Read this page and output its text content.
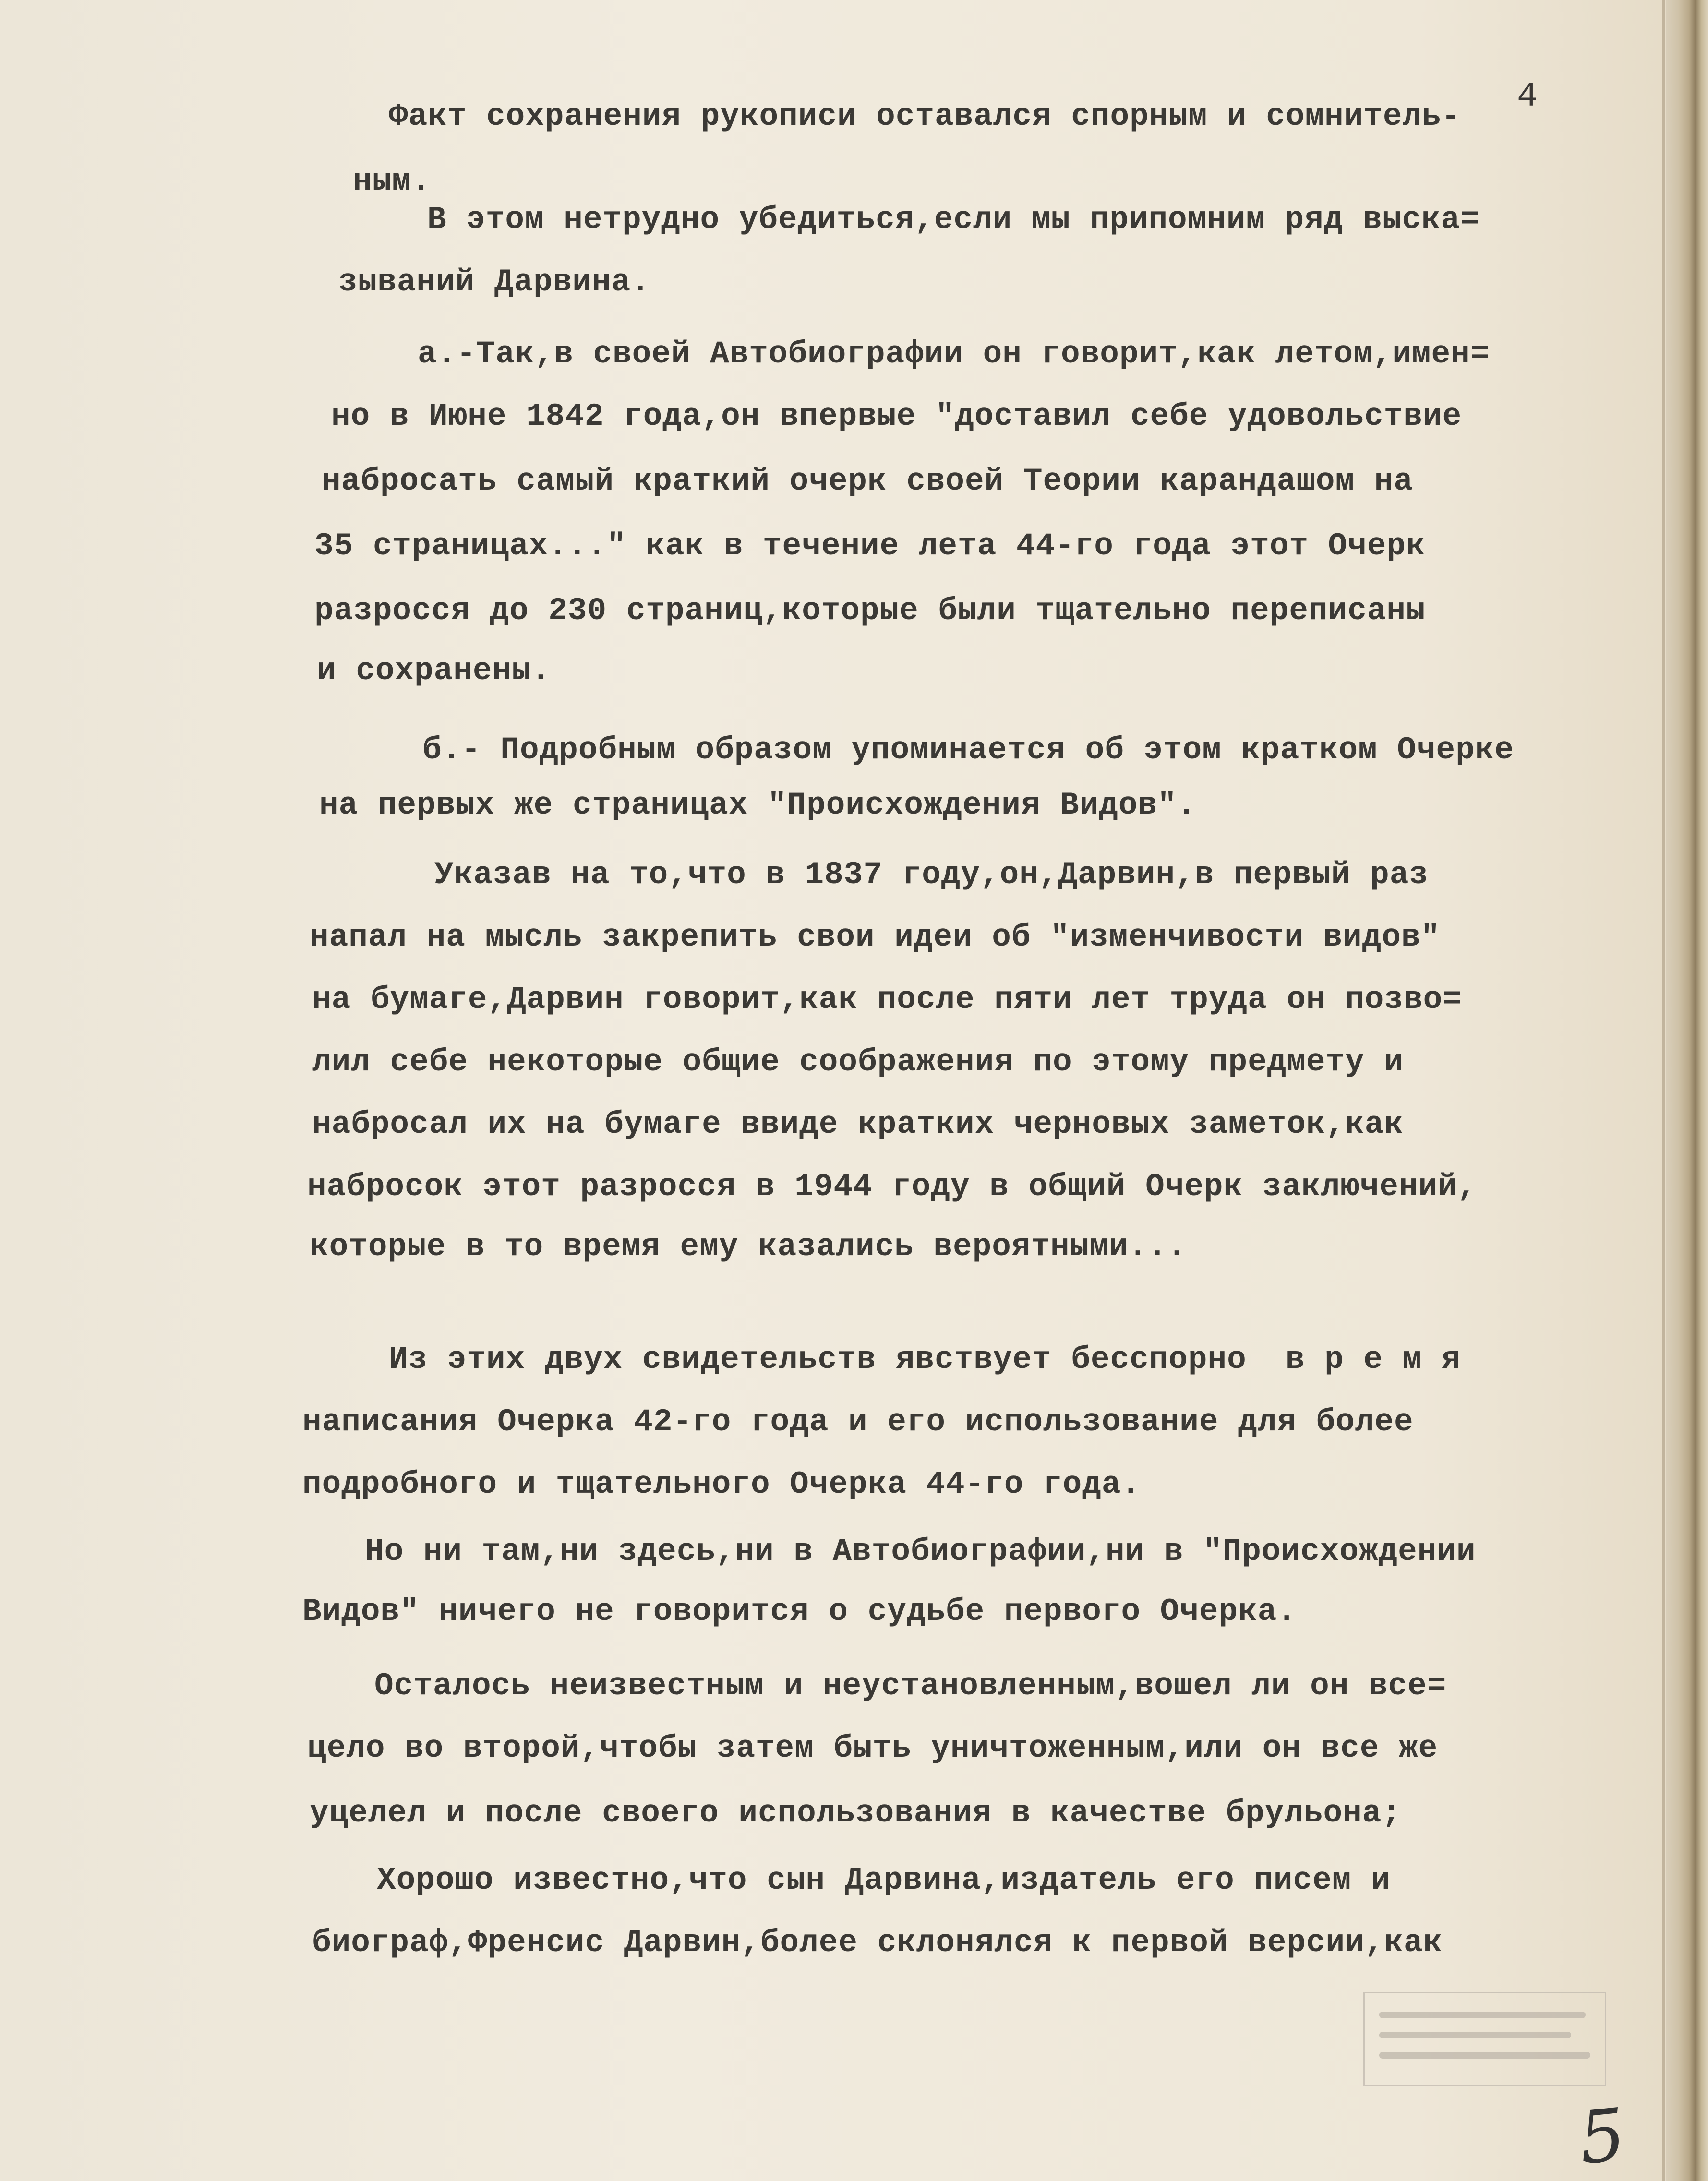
4
Факт сохранения рукописи оставался спорным и сомнитель-
ным.
В этом нетрудно убедиться,если мы припомним ряд выска=
зываний Дарвина.
а.-Так,в своей Автобиографии он говорит,как летом,имен=
но в Июне 1842 года,он впервые "доставил себе удовольствие
набросать самый краткий очерк своей Теории карандашом на
35 страницах..." как в течение лета 44-го года этот Очерк
разросся до 230 страниц,которые были тщательно переписаны
и сохранены.
б.- Подробным образом упоминается об этом кратком Очерке
на первых же страницах "Происхождения Видов".
Указав на то,что в 1837 году,он,Дарвин,в первый раз
напал на мысль закрепить свои идеи об "изменчивости видов"
на бумаге,Дарвин говорит,как после пяти лет труда он позво=
лил себе некоторые общие соображения по этому предмету и
набросал их на бумаге ввиде кратких черновых заметок,как
набросок этот разросся в 1944 году в общий Очерк заключений,
которые в то время ему казались вероятными...
Из этих двух свидетельств явствует бесспорно  в р е м я
написания Очерка 42-го года и его использование для более
подробного и тщательного Очерка 44-го года.
Но ни там,ни здесь,ни в Автобиографии,ни в "Происхождении
Видов" ничего не говорится о судьбе первого Очерка.
Осталось неизвестным и неустановленным,вошел ли он все=
цело во второй,чтобы затем быть уничтоженным,или он все же
уцелел и после своего использования в качестве брульона;
Хорошо известно,что сын Дарвина,издатель его писем и
биограф,Френсис Дарвин,более склонялся к первой версии,как
5
